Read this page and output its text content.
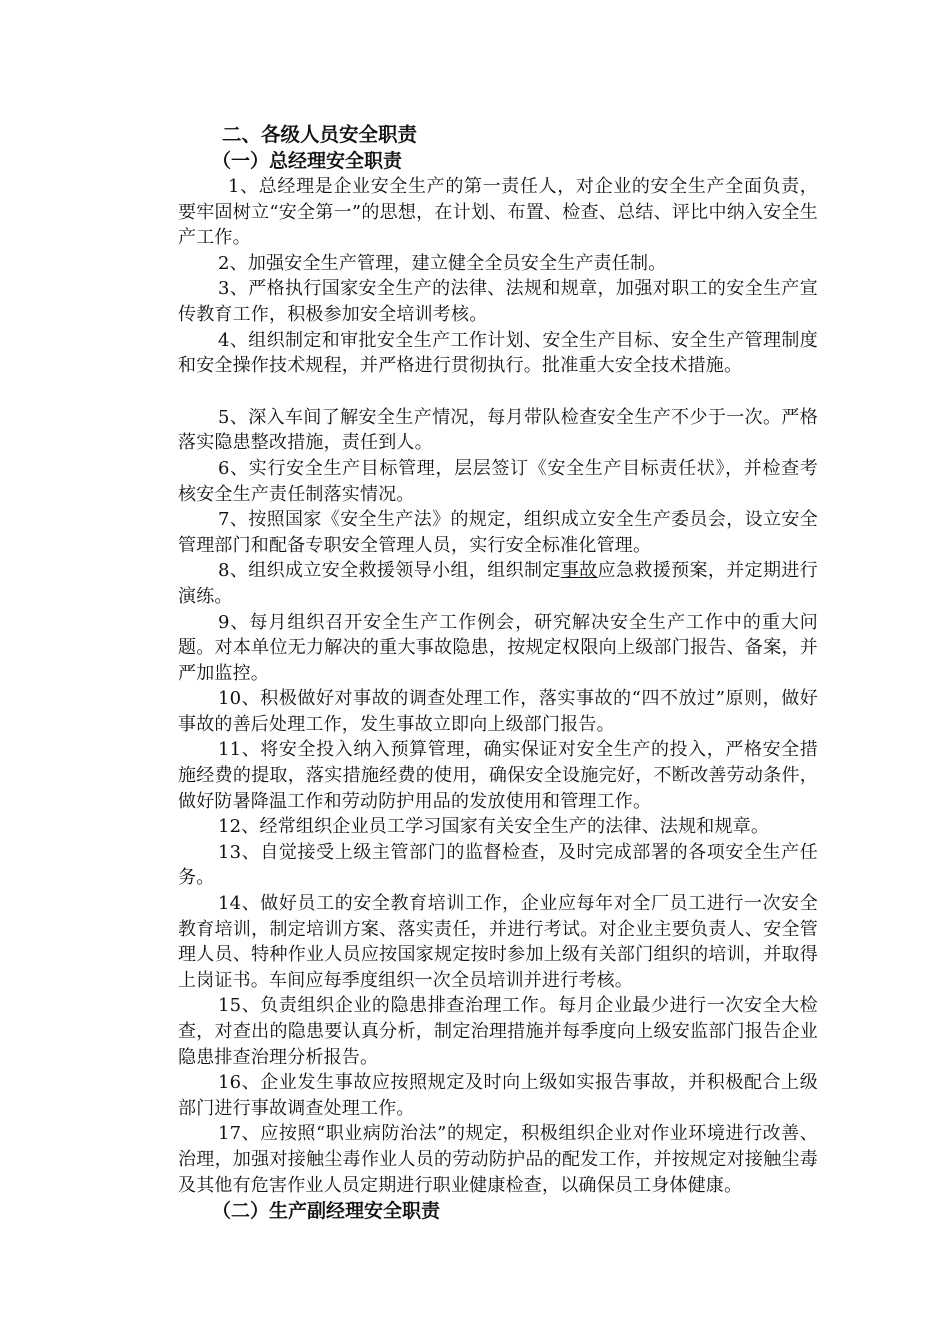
二、各级人员安全职责
（一）总经理安全职责

1、总经理是企业安全生产的第一责任人，对企业的安全生产全面负责，要牢固树立“安全第一”的思想，在计划、布置、检查、总结、评比中纳入安全生产工作。

2、加强安全生产管理，建立健全全员安全生产责任制。

3、严格执行国家安全生产的法律、法规和规章，加强对职工的安全生产宣传教育工作，积极参加安全培训考核。

4、组织制定和审批安全生产工作计划、安全生产目标、安全生产管理制度和安全操作技术规程，并严格进行贯彻执行。批准重大安全技术措施。

5、深入车间了解安全生产情况，每月带队检查安全生产不少于一次。严格落实隐患整改措施，责任到人。

6、实行安全生产目标管理，层层签订《安全生产目标责任状》，并检查考核安全生产责任制落实情况。

7、按照国家《安全生产法》的规定，组织成立安全生产委员会，设立安全管理部门和配备专职安全管理人员，实行安全标准化管理。

8、组织成立安全救援领导小组，组织制定事故应急救援预案，并定期进行演练。

9、每月组织召开安全生产工作例会，研究解决安全生产工作中的重大问题。对本单位无力解决的重大事故隐患，按规定权限向上级部门报告、备案，并严加监控。

10、积极做好对事故的调查处理工作，落实事故的“四不放过”原则，做好事故的善后处理工作，发生事故立即向上级部门报告。

11、将安全投入纳入预算管理，确实保证对安全生产的投入，严格安全措施经费的提取，落实措施经费的使用，确保安全设施完好，不断改善劳动条件，做好防暑降温工作和劳动防护用品的发放使用和管理工作。

12、经常组织企业员工学习国家有关安全生产的法律、法规和规章。

13、自觉接受上级主管部门的监督检查，及时完成部署的各项安全生产任务。

14、做好员工的安全教育培训工作，企业应每年对全厂员工进行一次安全教育培训，制定培训方案、落实责任，并进行考试。对企业主要负责人、安全管理人员、特种作业人员应按国家规定按时参加上级有关部门组织的培训，并取得上岗证书。车间应每季度组织一次全员培训并进行考核。

15、负责组织企业的隐患排查治理工作。每月企业最少进行一次安全大检查，对查出的隐患要认真分析，制定治理措施并每季度向上级安监部门报告企业隐患排查治理分析报告。

16、企业发生事故应按照规定及时向上级如实报告事故，并积极配合上级部门进行事故调查处理工作。

17、应按照“职业病防治法”的规定，积极组织企业对作业环境进行改善、治理，加强对接触尘毒作业人员的劳动防护品的配发工作，并按规定对接触尘毒及其他有危害作业人员定期进行职业健康检查，以确保员工身体健康。

（二）生产副经理安全职责
